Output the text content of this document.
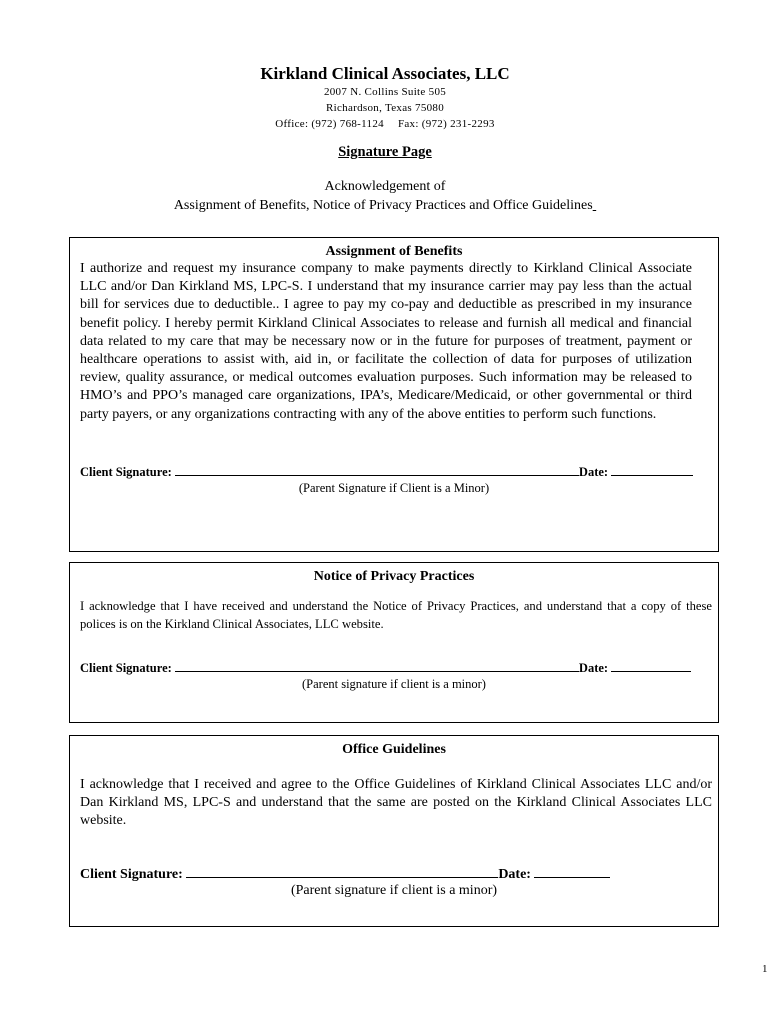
Kirkland Clinical Associates, LLC
2007 N. Collins Suite 505
Richardson, Texas 75080
Office: (972) 768-1124 Fax: (972) 231-2293
Signature Page
Acknowledgement of
Assignment of Benefits, Notice of Privacy Practices and Office Guidelines
Assignment of Benefits
I authorize and request my insurance company to make payments directly to Kirkland Clinical Associate LLC and/or Dan Kirkland MS, LPC-S. I understand that my insurance carrier may pay less than the actual bill for services due to deductible.. I agree to pay my co-pay and deductible as prescribed in my insurance benefit policy. I hereby permit Kirkland Clinical Associates to release and furnish all medical and financial data related to my care that may be necessary now or in the future for purposes of treatment, payment or healthcare operations to assist with, aid in, or facilitate the collection of data for purposes of utilization review, quality assurance, or medical outcomes evaluation purposes. Such information may be released to HMO’s and PPO’s managed care organizations, IPA’s, Medicare/Medicaid, or other governmental or third party payers, or any organizations contracting with any of the above entities to perform such functions.
Client Signature:	Date:
(Parent Signature if Client is a Minor)
Notice of Privacy Practices
I acknowledge that I have received and understand the Notice of Privacy Practices, and understand that a copy of these polices is on the Kirkland Clinical Associates, LLC website.
Client Signature:	Date:
(Parent signature if client is a minor)
Office Guidelines
I acknowledge that I received and agree to the Office Guidelines of Kirkland Clinical Associates LLC and/or Dan Kirkland MS, LPC-S and understand that the same are posted on the Kirkland Clinical Associates LLC website.
Client Signature:	Date:
(Parent signature if client is a minor)
1
